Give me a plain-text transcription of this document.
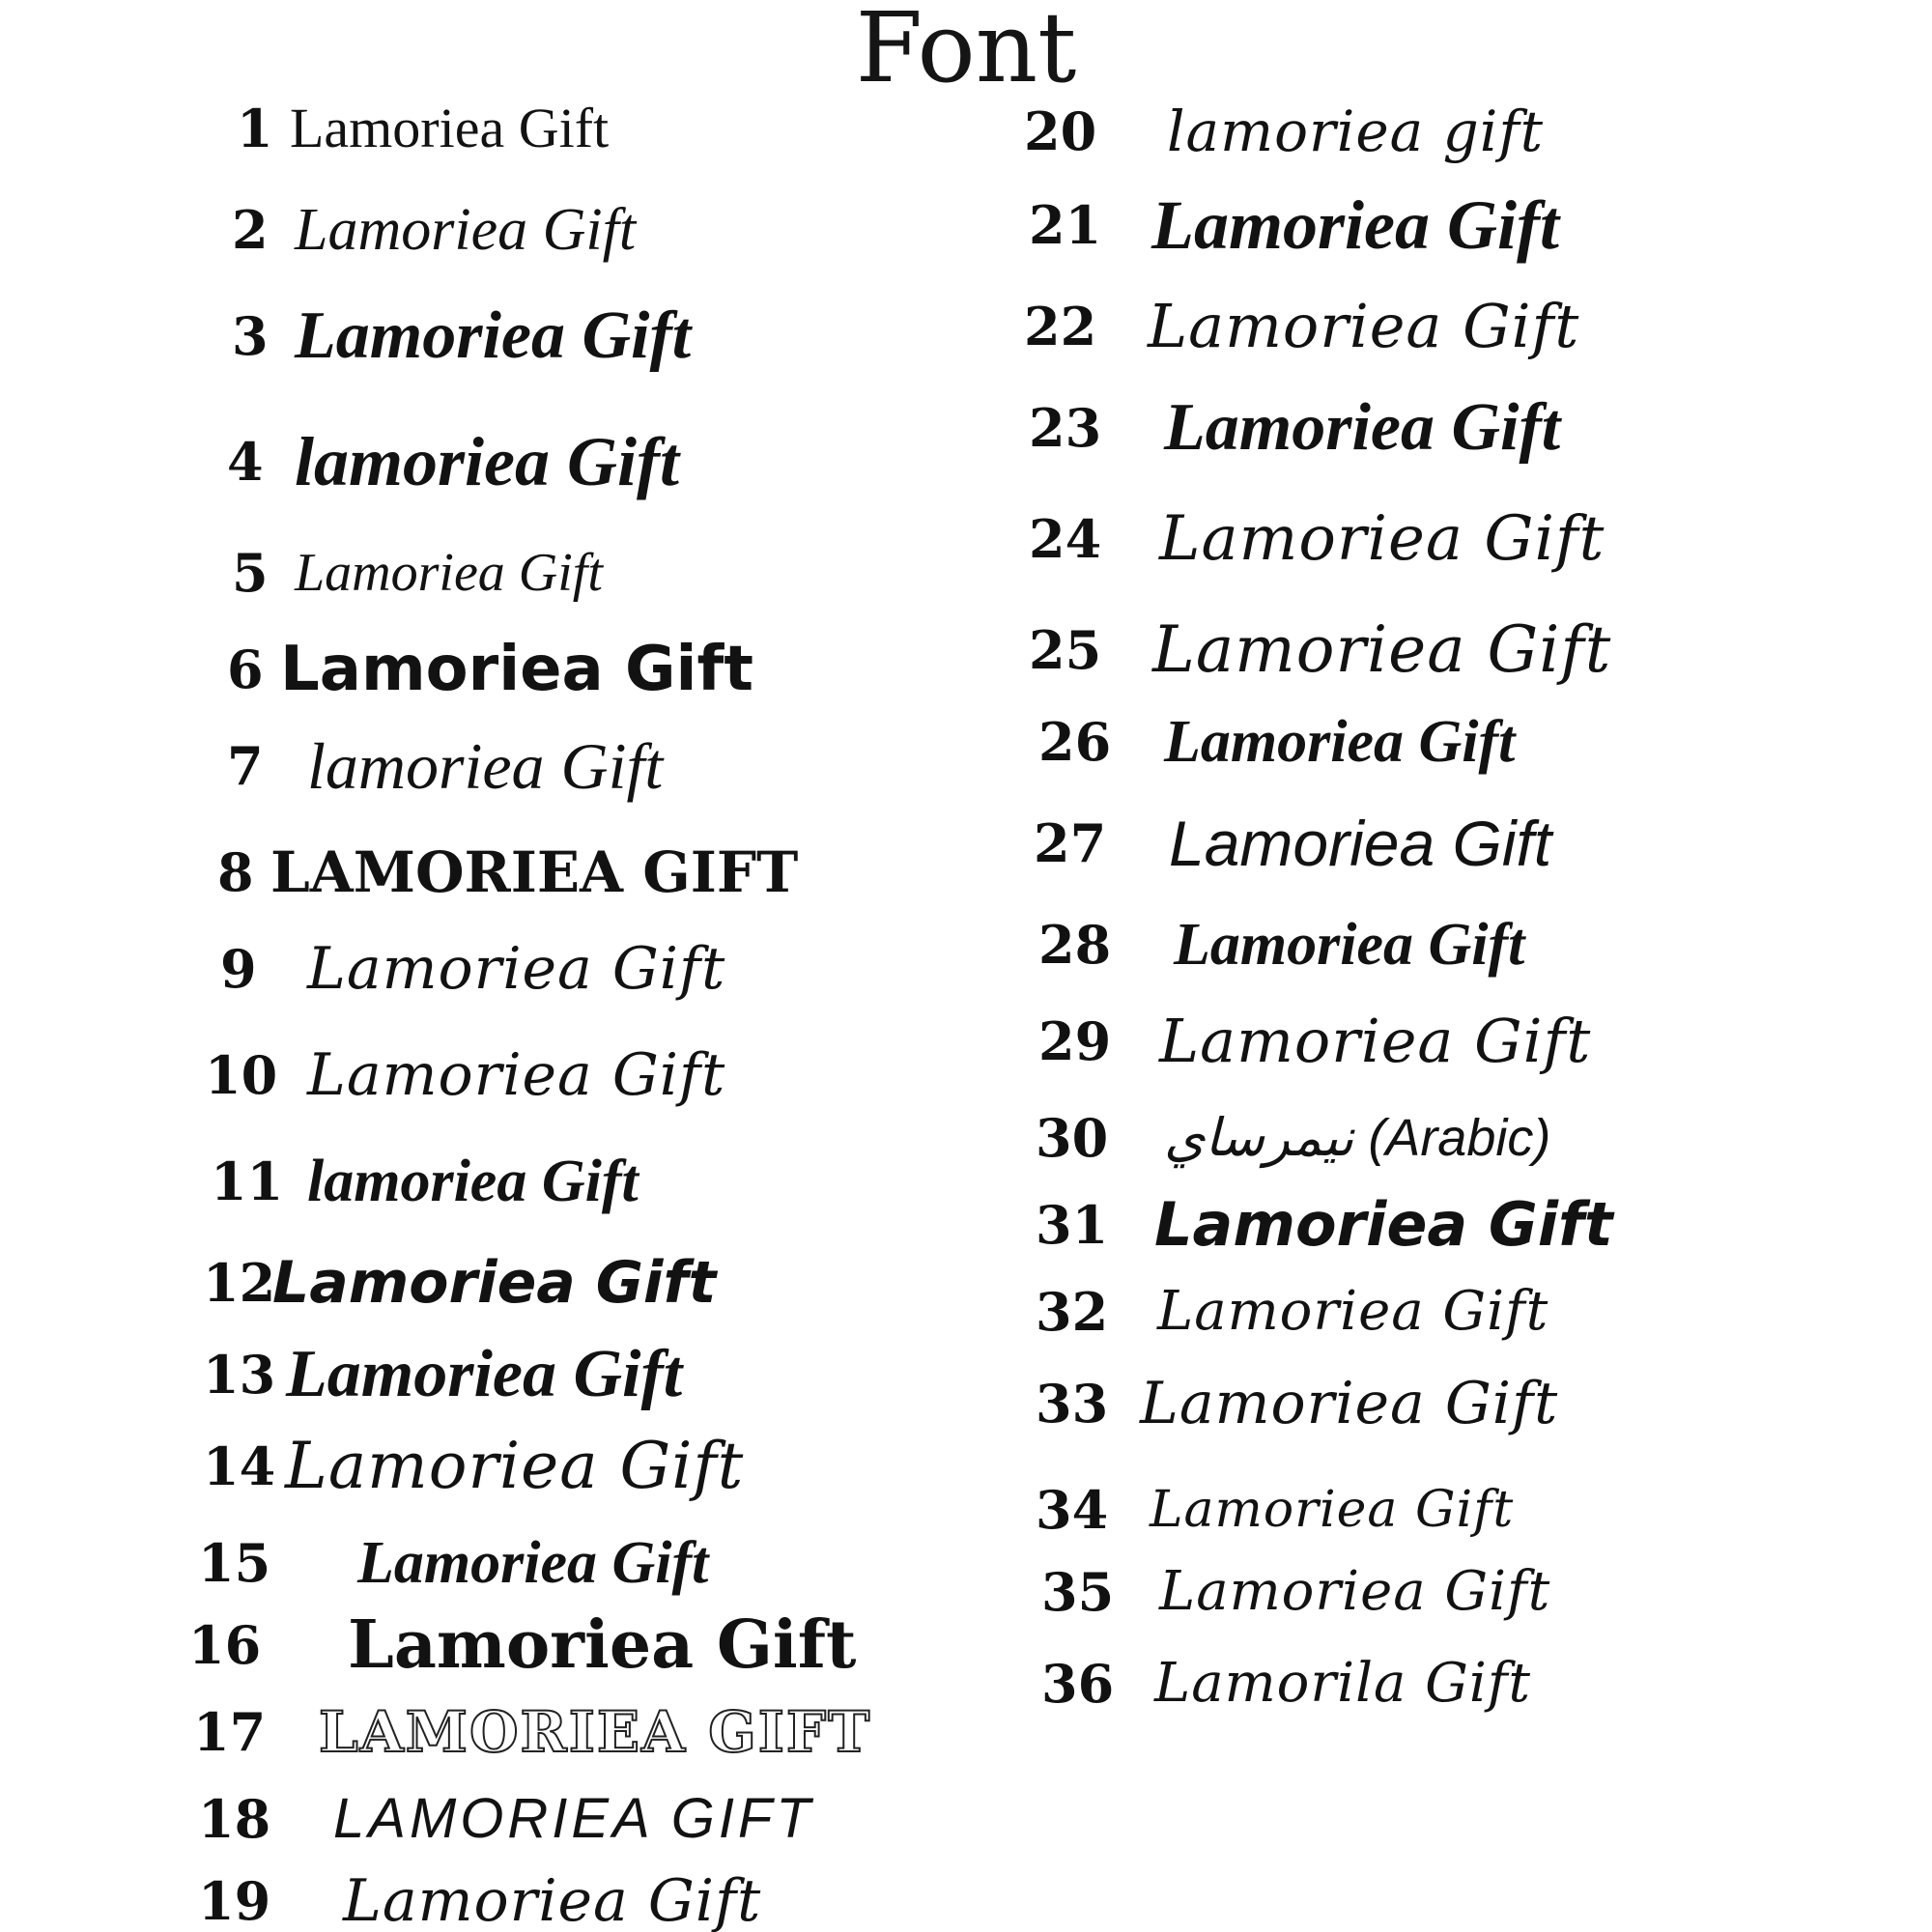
Font
1 Lamoriea Gift
2 Lamoriea Gift
3 Lamoriea Gift
4 lamoriea Gift
5 Lamoriea Gift
6 Lamoriea Gift
7 lamoriea Gift
8 LAMORIEA GIFT
9 Lamoriea Gift
10 Lamoriea Gift
11 lamoriea Gift
12
Lamoriea Gift
13 Lamoriea Gift
14 Lamoriea Gift
15 Lamoriea Gift
16 Lamoriea Gift
17 LAMORIEA GIFT
18 LAMORIEA GIFT
19 Lamoriea Gift
20 lamoriea gift
21 Lamoriea Gift
22 Lamoriea Gift
23 Lamoriea Gift
24 Lamoriea Gift
25 Lamoriea Gift
26 Lamoriea Gift
27 Lamoriea Gift
28 Lamoriea Gift
29 Lamoriea Gift
30 نيمرساي (Arabic)
31 Lamoriea Gift
32 Lamoriea Gift
33 Lamoriea Gift
34 Lamoriea Gift
35 Lamoriea Gift
36 Lamorila Gift
